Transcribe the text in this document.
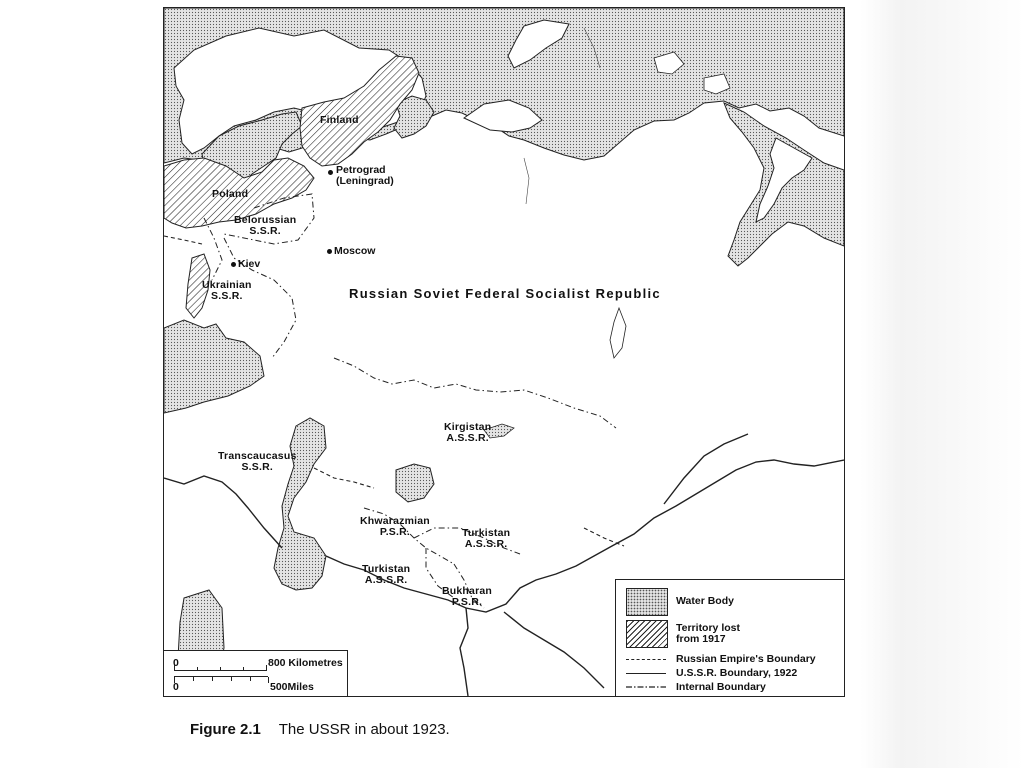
Finland
Poland
Belorussian
S.S.R.
Ukrainian
S.S.R.
Kirgistan
A.S.S.R.
Transcaucasus
S.S.R.
Khwarazmian
P.S.R.	Turkistan
A.S.S.R.
Turkistan
A.S.S.R.
Bukharan
P.S.R.
Petrograd
(Leningrad)
Moscow
Kiev
Russian Soviet Federal Socialist Republic
Water Body
Territory lost
from 1917
Russian Empire's Boundary
U.S.S.R. Boundary, 1922
Internal Boundary
0	800 Kilometres
0	500Miles
Figure 2.1 The USSR in about 1923.
